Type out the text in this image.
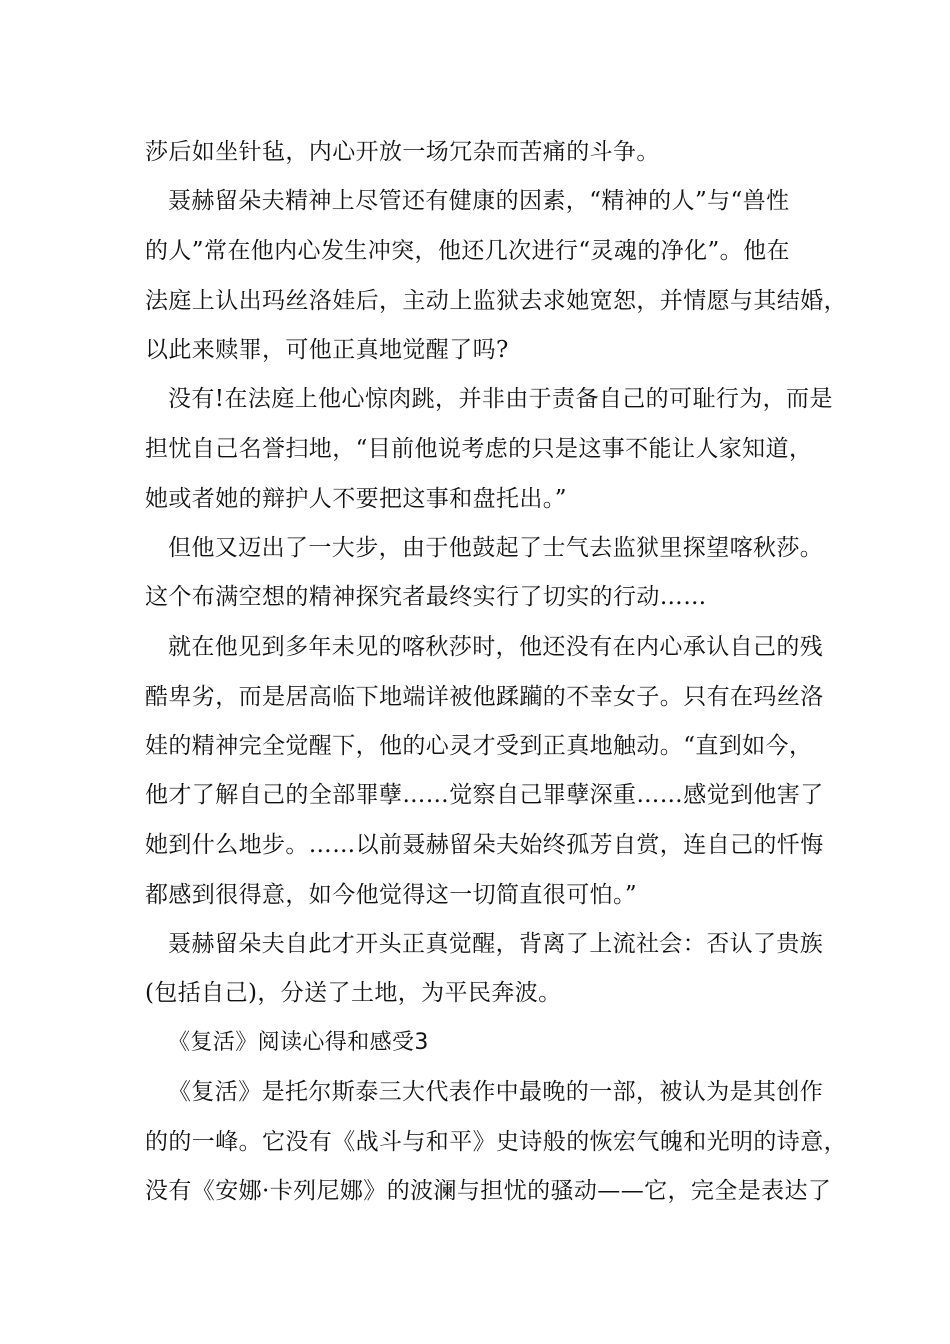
莎后如坐针毡，内心开放一场冗杂而苦痛的斗争。
聂赫留朵夫精神上尽管还有健康的因素，“精神的人”与“兽性
的人”常在他内心发生冲突，他还几次进行“灵魂的净化”。他在
法庭上认出玛丝洛娃后，主动上监狱去求她宽恕，并情愿与其结婚，
以此来赎罪，可他正真地觉醒了吗?
没有!在法庭上他心惊肉跳，并非由于责备自己的可耻行为，而是
担忧自己名誉扫地，“目前他说考虑的只是这事不能让人家知道，
她或者她的辩护人不要把这事和盘托出。”
但他又迈出了一大步，由于他鼓起了士气去监狱里探望喀秋莎。
这个布满空想的精神探究者最终实行了切实的行动……
就在他见到多年未见的喀秋莎时，他还没有在内心承认自己的残
酷卑劣，而是居高临下地端详被他蹂躏的不幸女子。只有在玛丝洛
娃的精神完全觉醒下，他的心灵才受到正真地触动。“直到如今，
他才了解自己的全部罪孽……觉察自己罪孽深重……感觉到他害了
她到什么地步。……以前聂赫留朵夫始终孤芳自赏，连自己的忏悔
都感到很得意，如今他觉得这一切简直很可怕。”
聂赫留朵夫自此才开头正真觉醒，背离了上流社会：否认了贵族
(包括自己)，分送了土地，为平民奔波。
《复活》阅读心得和感受3
《复活》是托尔斯泰三大代表作中最晚的一部，被认为是其创作
的的一峰。它没有《战斗与和平》史诗般的恢宏气魄和光明的诗意，
没有《安娜·卡列尼娜》的波澜与担忧的骚动——它，完全是表达了
